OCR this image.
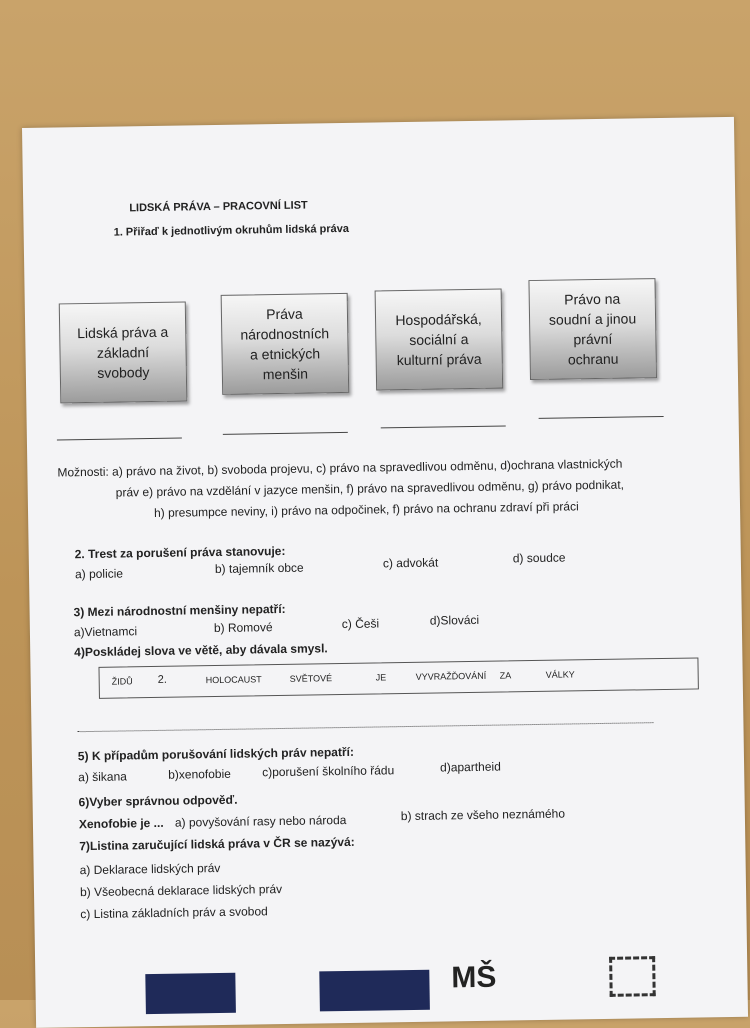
LIDSKÁ PRÁVA – PRACOVNÍ LIST
1. Přiřaď k jednotlivým okruhům lidská práva
Lidská práva a
základní
svobody
Práva
národnostních
a etnických
menšin
Hospodářská,
sociální a
kulturní práva
Právo na
soudní a jinou
právní
ochranu
Možnosti: a) právo na život, b) svoboda projevu, c) právo na spravedlivou odměnu, d)ochrana vlastnických
práv e) právo na vzdělání v jazyce menšin, f) právo na spravedlivou odměnu, g) právo podnikat,
h) presumpce neviny, i) právo na odpočinek, f) právo na ochranu zdraví při práci
2. Trest za porušení práva stanovuje:
a) policie	b) tajemník obce	c) advokát	d) soudce
3) Mezi národnostní menšiny nepatří:
a)Vietnamci	b) Romové	c) Češi	d)Slováci
4)Poskládej slova ve větě, aby dávala smysl.
ŽIDŮ 2.	HOLOCAUST	SVĚTOVÉ	JE	VYVRAŽĎOVÁNÍ ZA	VÁLKY
5) K případům porušování lidských práv nepatří:
a) šikana	b)xenofobie	c)porušení školního řádu	d)apartheid
6)Vyber správnou odpověď.
Xenofobie je ... a) povyšování rasy nebo národa	b) strach ze všeho neznámého
7)Listina zaručující lidská práva v ČR se nazývá:
a) Deklarace lidských práv
b) Všeobecná deklarace lidských práv
c) Listina základních práv a svobod
MŠ
